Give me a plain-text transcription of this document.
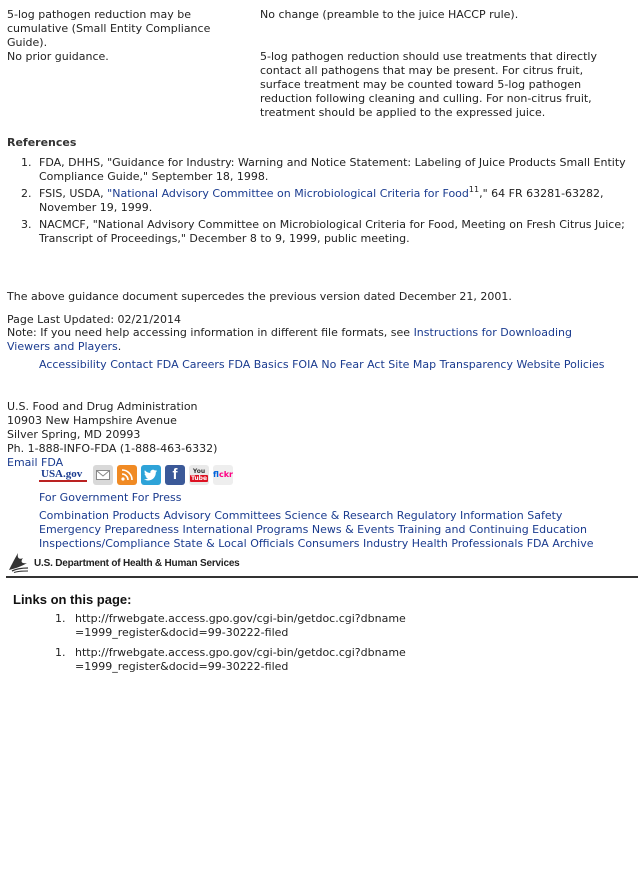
5-log pathogen reduction may be cumulative (Small Entity Compliance Guide).
No prior guidance.
No change (preamble to the juice HACCP rule).
5-log pathogen reduction should use treatments that directly contact all pathogens that may be present. For citrus fruit, surface treatment may be counted toward 5-log pathogen reduction following cleaning and culling. For non-citrus fruit, treatment should be applied to the expressed juice.
References
1. FDA, DHHS, "Guidance for Industry: Warning and Notice Statement: Labeling of Juice Products Small Entity Compliance Guide," September 18, 1998.
2. FSIS, USDA, "National Advisory Committee on Microbiological Criteria for Food$^{11}$," 64 FR 63281-63282, November 19, 1999.
3. NACMCF, "National Advisory Committee on Microbiological Criteria for Food, Meeting on Fresh Citrus Juice; Transcript of Proceedings," December 8 to 9, 1999, public meeting.
The above guidance document supercedes the previous version dated December 21, 2001.
Page Last Updated: 02/21/2014
Note: If you need help accessing information in different file formats, see Instructions for Downloading Viewers and Players.
Accessibility Contact FDA Careers FDA Basics FOIA No Fear Act Site Map Transparency Website Policies
U.S. Food and Drug Administration
10903 New Hampshire Avenue
Silver Spring, MD 20993
Ph. 1-888-INFO-FDA (1-888-463-6332)
Email FDA
USA.gov	f	You
Tube fl ckr
For Government For Press
Combination Products Advisory Committees Science & Research Regulatory Information Safety
Emergency Preparedness International Programs News & Events Training and Continuing Education
Inspections/Compliance State & Local Officials Consumers Industry Health Professionals FDA Archive
U.S. Department of Health & Human Services
Links on this page:
1. http://frwebgate.access.gpo.gov/cgi-bin/getdoc.cgi?dbname=1999_register&docid=99-30222-filed
1. http://frwebgate.access.gpo.gov/cgi-bin/getdoc.cgi?dbname=1999_register&docid=99-30222-filed
